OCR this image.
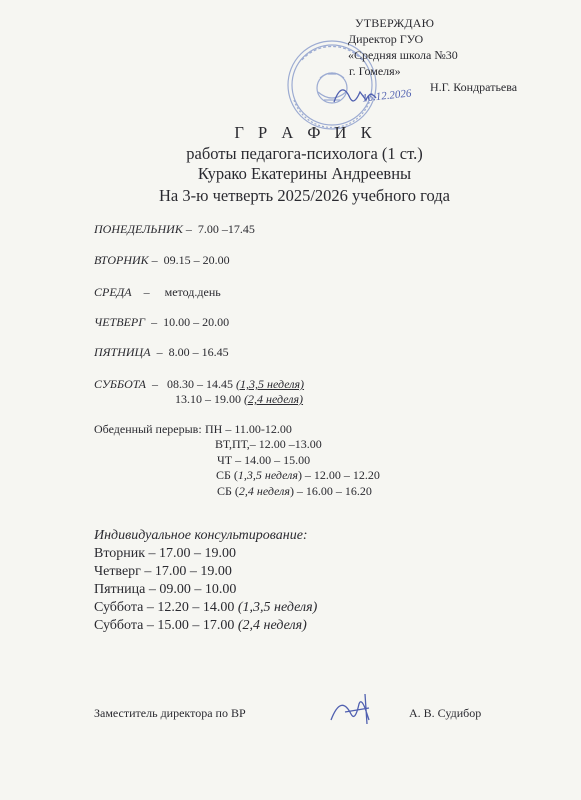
УТВЕРЖДАЮ
Директор ГУО
«Средняя школа №30
г. Гомеля»
Н.Г. Кондратьева
16.12.2026
Г Р А Ф И К
работы педагога-психолога (1 ст.)
Курако Екатерины Андреевны
На 3-ю четверть 2025/2026 учебного года
ПОНЕДЕЛЬНИК –  7.00 –17.45
ВТОРНИК –  09.15 – 20.00
СРЕДА    –     метод.день
ЧЕТВЕРГ  –  10.00 – 20.00
ПЯТНИЦА  –  8.00 – 16.45
СУББОТА  –   08.30 – 14.45 (1,3,5 неделя)
13.10 – 19.00 (2,4 неделя)
Обеденный перерыв: ПН – 11.00-12.00
ВТ,ПТ,– 12.00 –13.00
ЧТ – 14.00 – 15.00
СБ (1,3,5 неделя) – 12.00 – 12.20
СБ (2,4 неделя) – 16.00 – 16.20
Индивидуальное консультирование:
Вторник – 17.00 – 19.00
Четверг – 17.00 – 19.00
Пятница – 09.00 – 10.00
Суббота – 12.20 – 14.00 (1,3,5 неделя)
Суббота – 15.00 – 17.00 (2,4 неделя)
Заместитель директора по ВР	А. В. Судибор
